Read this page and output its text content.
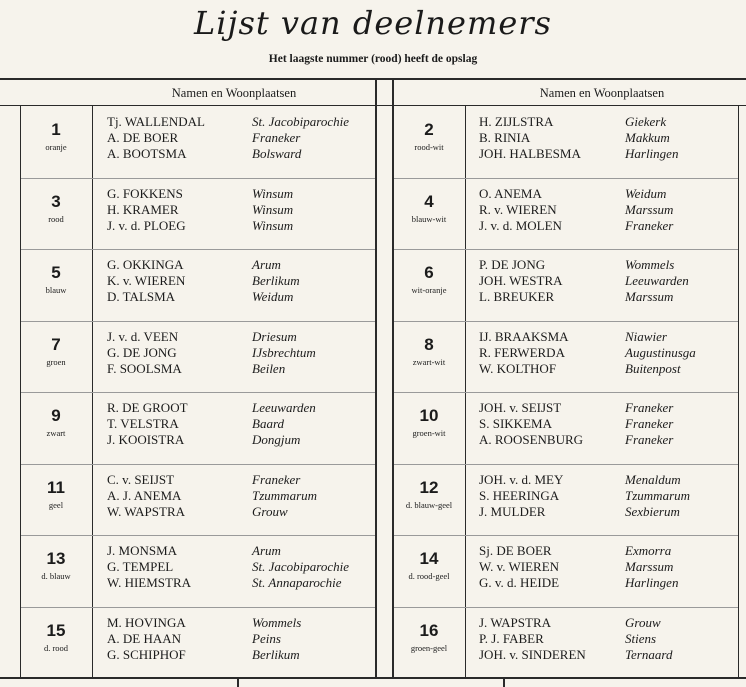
Lijst van deelnemers
Het laagste nummer (rood) heeft de opslag
Namen en Woonplaatsen	Namen en Woonplaatsen
1
oranje
Tj. WALLENDAL	St. Jacobiparochie
A. DE BOER	Franeker
A. BOOTSMA	Bolsward
2
rood-wit
H. ZIJLSTRA	Giekerk
B. RINIA	Makkum
JOH. HALBESMA	Harlingen
3
rood
G. FOKKENS	Winsum
H. KRAMER	Winsum
J. v. d. PLOEG	Winsum
4
blauw-wit
O. ANEMA	Weidum
R. v. WIEREN	Marssum
J. v. d. MOLEN	Franeker
5
blauw
G. OKKINGA	Arum
K. v. WIEREN	Berlikum
D. TALSMA	Weidum
6
wit-oranje
P. DE JONG	Wommels
JOH. WESTRA	Leeuwarden
L. BREUKER	Marssum
7
groen
J. v. d. VEEN	Driesum
G. DE JONG	IJsbrechtum
F. SOOLSMA	Beilen
8
zwart-wit
IJ. BRAAKSMA	Niawier
R. FERWERDA	Augustinusga
W. KOLTHOF	Buitenpost
9
zwart
R. DE GROOT	Leeuwarden
T. VELSTRA	Baard
J. KOOISTRA	Dongjum
10
groen-wit
JOH. v. SEIJST	Franeker
S. SIKKEMA	Franeker
A. ROOSENBURG	Franeker
11
geel
C. v. SEIJST	Franeker
A. J. ANEMA	Tzummarum
W. WAPSTRA	Grouw
12
d. blauw-geel
JOH. v. d. MEY	Menaldum
S. HEERINGA	Tzummarum
J. MULDER	Sexbierum
13
d. blauw
J. MONSMA	Arum
G. TEMPEL	St. Jacobiparochie
W. HIEMSTRA	St. Annaparochie
14
d. rood-geel
Sj. DE BOER	Exmorra
W. v. WIEREN	Marssum
G. v. d. HEIDE	Harlingen
15
d. rood
M. HOVINGA	Wommels
A. DE HAAN	Peins
G. SCHIPHOF	Berlikum
16
groen-geel
J. WAPSTRA	Grouw
P. J. FABER	Stiens
JOH. v. SINDEREN	Ternaard
